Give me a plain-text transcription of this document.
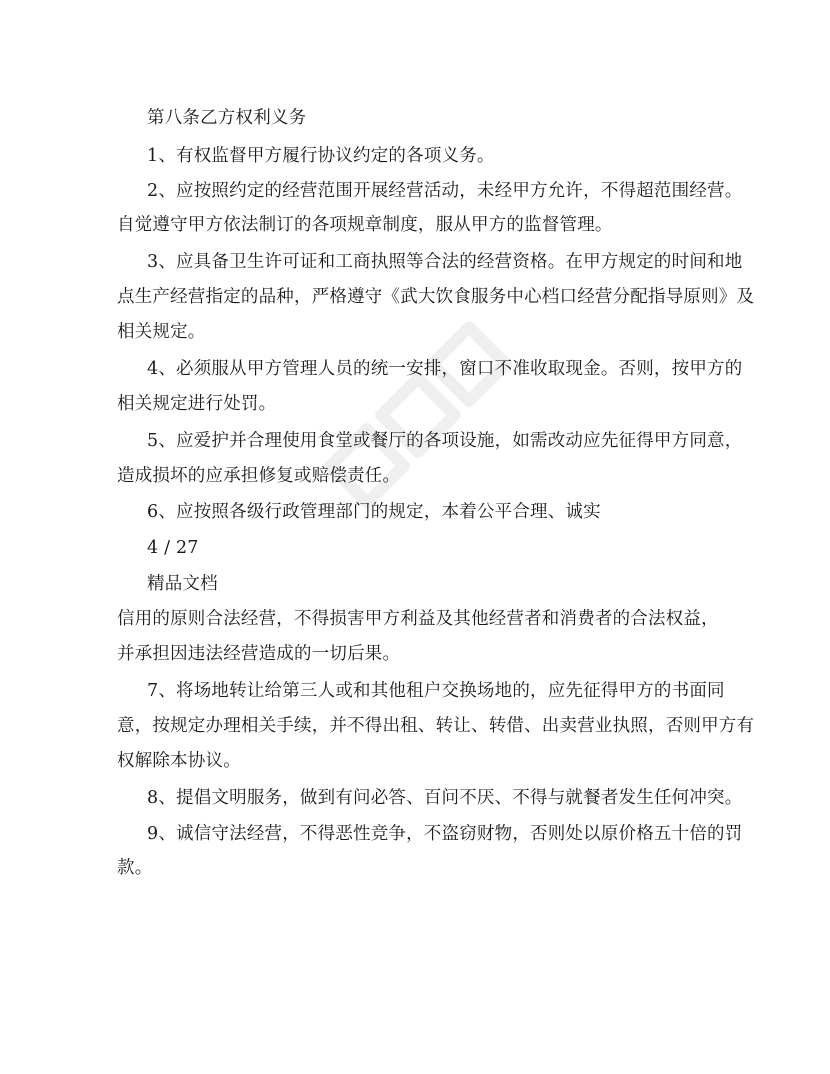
第八条乙方权利义务

1、有权监督甲方履行协议约定的各项义务。

2、应按照约定的经营范围开展经营活动，未经甲方允许，不得超范围经营。

自觉遵守甲方依法制订的各项规章制度，服从甲方的监督管理。

3、应具备卫生许可证和工商执照等合法的经营资格。在甲方规定的时间和地

点生产经营指定的品种，严格遵守《武大饮食服务中心档口经营分配指导原则》及

相关规定。

4、必须服从甲方管理人员的统一安排，窗口不准收取现金。否则，按甲方的

相关规定进行处罚。

5、应爱护并合理使用食堂或餐厅的各项设施，如需改动应先征得甲方同意，

造成损坏的应承担修复或赔偿责任。

6、应按照各级行政管理部门的规定，本着公平合理、诚实

4 / 27

精品文档

信用的原则合法经营，不得损害甲方利益及其他经营者和消费者的合法权益，

并承担因违法经营造成的一切后果。

7、将场地转让给第三人或和其他租户交换场地的，应先征得甲方的书面同

意，按规定办理相关手续，并不得出租、转让、转借、出卖营业执照，否则甲方有

权解除本协议。

8、提倡文明服务，做到有问必答、百问不厌、不得与就餐者发生任何冲突。

9、诚信守法经营，不得恶性竞争，不盗窃财物，否则处以原价格五十倍的罚

款。
